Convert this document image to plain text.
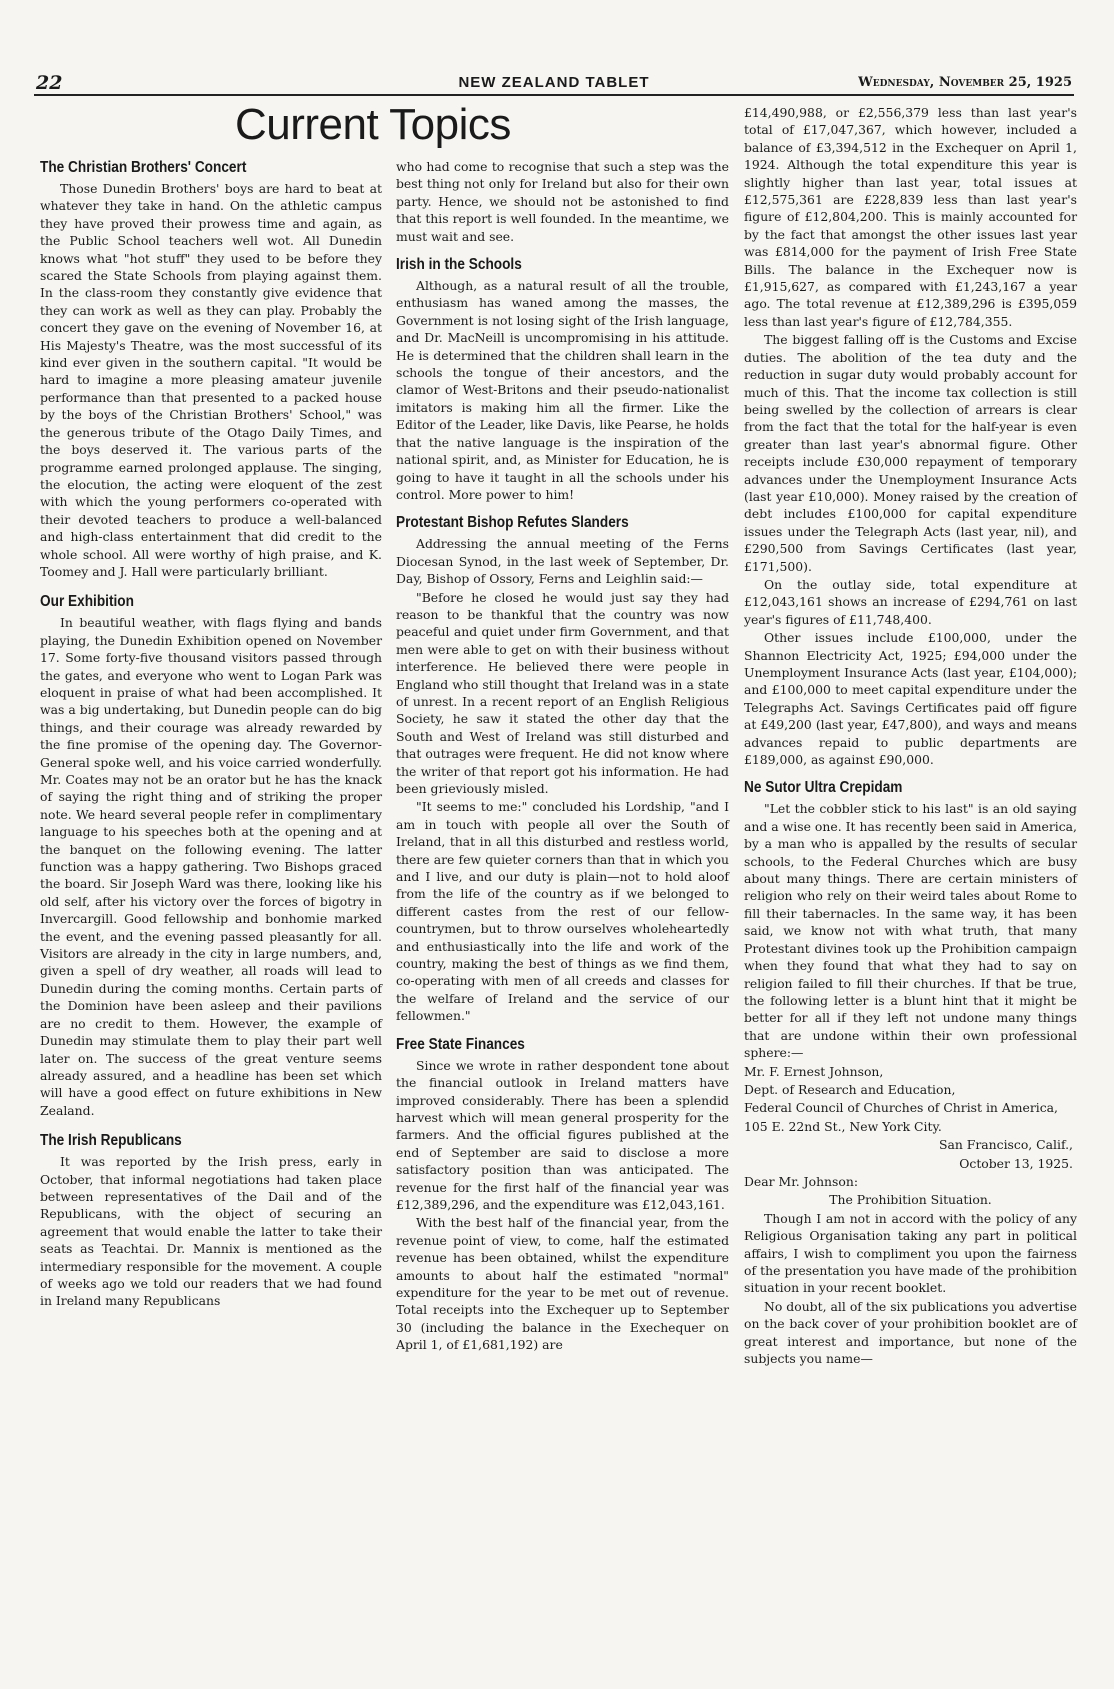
22	NEW ZEALAND TABLET	Wednesday, November 25, 1925
Current Topics
The Christian Brothers' Concert

Those Dunedin Brothers' boys are hard to beat at whatever they take in hand. On the athletic campus they have proved their prowess time and again, as the Public School teachers well wot. All Dunedin knows what "hot stuff" they used to be before they scared the State Schools from playing against them. In the class-room they constantly give evidence that they can work as well as they can play. Probably the concert they gave on the evening of November 16, at His Majesty's Theatre, was the most successful of its kind ever given in the southern capital. "It would be hard to imagine a more pleasing amateur juvenile performance than that presented to a packed house by the boys of the Christian Brothers' School," was the generous tribute of the Otago Daily Times, and the boys deserved it. The various parts of the programme earned prolonged applause. The singing, the elocution, the acting were eloquent of the zest with which the young performers co-operated with their devoted teachers to produce a well-balanced and high-class entertainment that did credit to the whole school. All were worthy of high praise, and K. Toomey and J. Hall were particularly brilliant.

Our Exhibition

In beautiful weather, with flags flying and bands playing, the Dunedin Exhibition opened on November 17. Some forty-five thousand visitors passed through the gates, and everyone who went to Logan Park was eloquent in praise of what had been accomplished. It was a big undertaking, but Dunedin people can do big things, and their courage was already rewarded by the fine promise of the opening day. The Governor-General spoke well, and his voice carried wonderfully. Mr. Coates may not be an orator but he has the knack of saying the right thing and of striking the proper note. We heard several people refer in complimentary language to his speeches both at the opening and at the banquet on the following evening. The latter function was a happy gathering. Two Bishops graced the board. Sir Joseph Ward was there, looking like his old self, after his victory over the forces of bigotry in Invercargill. Good fellowship and bonhomie marked the event, and the evening passed pleasantly for all. Visitors are already in the city in large numbers, and, given a spell of dry weather, all roads will lead to Dunedin during the coming months. Certain parts of the Dominion have been asleep and their pavilions are no credit to them. However, the example of Dunedin may stimulate them to play their part well later on. The success of the great venture seems already assured, and a headline has been set which will have a good effect on future exhibitions in New Zealand.

The Irish Republicans

It was reported by the Irish press, early in October, that informal negotiations had taken place between representatives of the Dail and of the Republicans, with the object of securing an agreement that would enable the latter to take their seats as Teachtai. Dr. Mannix is mentioned as the intermediary responsible for the movement. A couple of weeks ago we told our readers that we had found in Ireland many Republicans

who had come to recognise that such a step was the best thing not only for Ireland but also for their own party. Hence, we should not be astonished to find that this report is well founded. In the meantime, we must wait and see.

Irish in the Schools

Although, as a natural result of all the trouble, enthusiasm has waned among the masses, the Government is not losing sight of the Irish language, and Dr. MacNeill is uncompromising in his attitude. He is determined that the children shall learn in the schools the tongue of their ancestors, and the clamor of West-Britons and their pseudo-nationalist imitators is making him all the firmer. Like the Editor of the Leader, like Davis, like Pearse, he holds that the native language is the inspiration of the national spirit, and, as Minister for Education, he is going to have it taught in all the schools under his control. More power to him!

Protestant Bishop Refutes Slanders

Addressing the annual meeting of the Ferns Diocesan Synod, in the last week of September, Dr. Day, Bishop of Ossory, Ferns and Leighlin said:—

"Before he closed he would just say they had reason to be thankful that the country was now peaceful and quiet under firm Government, and that men were able to get on with their business without interference. He believed there were people in England who still thought that Ireland was in a state of unrest. In a recent report of an English Religious Society, he saw it stated the other day that the South and West of Ireland was still disturbed and that outrages were frequent. He did not know where the writer of that report got his information. He had been grieviously misled.

"It seems to me:" concluded his Lordship, "and I am in touch with people all over the South of Ireland, that in all this disturbed and restless world, there are few quieter corners than that in which you and I live, and our duty is plain—not to hold aloof from the life of the country as if we belonged to different castes from the rest of our fellow-countrymen, but to throw ourselves wholeheartedly and enthusiastically into the life and work of the country, making the best of things as we find them, co-operating with men of all creeds and classes for the welfare of Ireland and the service of our fellowmen."

Free State Finances

Since we wrote in rather despondent tone about the financial outlook in Ireland matters have improved considerably. There has been a splendid harvest which will mean general prosperity for the farmers. And the official figures published at the end of September are said to disclose a more satisfactory position than was anticipated. The revenue for the first half of the financial year was £12,389,296, and the expenditure was £12,043,161.

With the best half of the financial year, from the revenue point of view, to come, half the estimated revenue has been obtained, whilst the expenditure amounts to about half the estimated "normal" expenditure for the year to be met out of revenue. Total receipts into the Exchequer up to September 30 (including the balance in the Exechequer on April 1, of £1,681,192) are

£14,490,988, or £2,556,379 less than last year's total of £17,047,367, which however, included a balance of £3,394,512 in the Exchequer on April 1, 1924. Although the total expenditure this year is slightly higher than last year, total issues at £12,575,361 are £228,839 less than last year's figure of £12,804,200. This is mainly accounted for by the fact that amongst the other issues last year was £814,000 for the payment of Irish Free State Bills. The balance in the Exchequer now is £1,915,627, as compared with £1,243,167 a year ago. The total revenue at £12,389,296 is £395,059 less than last year's figure of £12,784,355.

The biggest falling off is the Customs and Excise duties. The abolition of the tea duty and the reduction in sugar duty would probably account for much of this. That the income tax collection is still being swelled by the collection of arrears is clear from the fact that the total for the half-year is even greater than last year's abnormal figure. Other receipts include £30,000 repayment of temporary advances under the Unemployment Insurance Acts (last year £10,000). Money raised by the creation of debt includes £100,000 for capital expenditure issues under the Telegraph Acts (last year, nil), and £290,500 from Savings Certificates (last year, £171,500).

On the outlay side, total expenditure at £12,043,161 shows an increase of £294,761 on last year's figures of £11,748,400.

Other issues include £100,000, under the Shannon Electricity Act, 1925; £94,000 under the Unemployment Insurance Acts (last year, £104,000); and £100,000 to meet capital expenditure under the Telegraphs Act. Savings Certificates paid off figure at £49,200 (last year, £47,800), and ways and means advances repaid to public departments are £189,000, as against £90,000.

Ne Sutor Ultra Crepidam

"Let the cobbler stick to his last" is an old saying and a wise one. It has recently been said in America, by a man who is appalled by the results of secular schools, to the Federal Churches which are busy about many things. There are certain ministers of religion who rely on their weird tales about Rome to fill their tabernacles. In the same way, it has been said, we know not with what truth, that many Protestant divines took up the Prohibition campaign when they found that what they had to say on religion failed to fill their churches. If that be true, the following letter is a blunt hint that it might be better for all if they left not undone many things that are undone within their own professional sphere:—

Mr. F. Ernest Johnson,

Dept. of Research and Education,

Federal Council of Churches of Christ in America,

105 E. 22nd St., New York City.

San Francisco, Calif.,

October 13, 1925.

Dear Mr. Johnson:

The Prohibition Situation.

Though I am not in accord with the policy of any Religious Organisation taking any part in political affairs, I wish to compliment you upon the fairness of the presentation you have made of the prohibition situation in your recent booklet.

No doubt, all of the six publications you advertise on the back cover of your prohibition booklet are of great interest and importance, but none of the subjects you name—
